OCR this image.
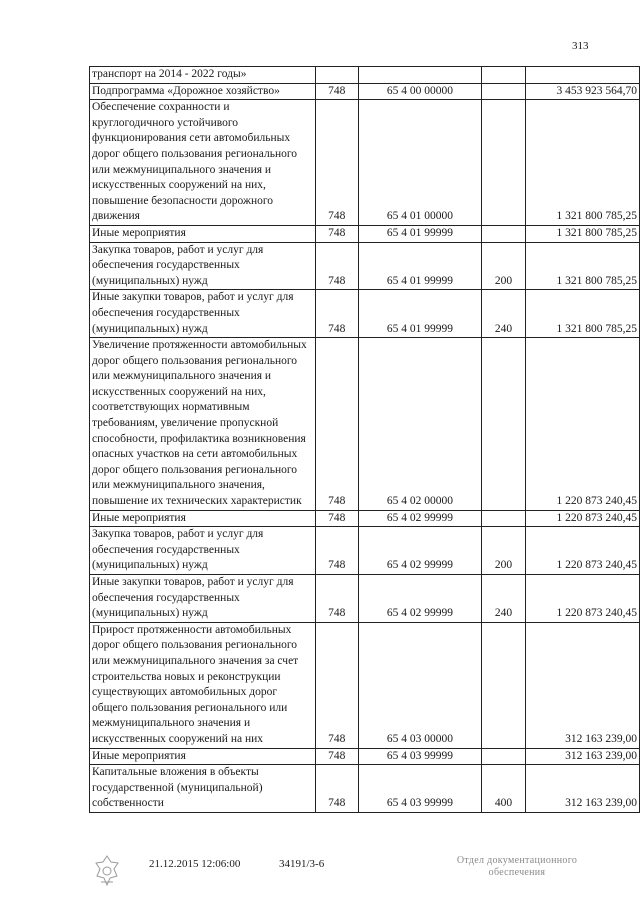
313
транспорт на 2014 - 2022 годы»				
Подпрограмма «Дорожное хозяйство»	748	65 4 00 00000		3 453 923 564,70
Обеспечение сохранности и круглогодичного устойчивого функционирования сети автомобильных дорог общего пользования регионального или межмуниципального значения и искусственных сооружений на них, повышение безопасности дорожного движения	748	65 4 01 00000		1 321 800 785,25
Иные мероприятия	748	65 4 01 99999		1 321 800 785,25
Закупка товаров, работ и услуг для обеспечения государственных (муниципальных) нужд	748	65 4 01 99999	200	1 321 800 785,25
Иные закупки товаров, работ и услуг для обеспечения государственных (муниципальных) нужд	748	65 4 01 99999	240	1 321 800 785,25
Увеличение протяженности автомобильных дорог общего пользования регионального или межмуниципального значения и искусственных сооружений на них, соответствующих нормативным требованиям, увеличение пропускной способности, профилактика возникновения опасных участков на сети автомобильных дорог общего пользования регионального или межмуниципального значения, повышение их технических характеристик	748	65 4 02 00000		1 220 873 240,45
Иные мероприятия	748	65 4 02 99999		1 220 873 240,45
Закупка товаров, работ и услуг для обеспечения государственных (муниципальных) нужд	748	65 4 02 99999	200	1 220 873 240,45
Иные закупки товаров, работ и услуг для обеспечения государственных (муниципальных) нужд	748	65 4 02 99999	240	1 220 873 240,45
Прирост протяженности автомобильных дорог общего пользования регионального или межмуниципального значения за счет строительства новых и реконструкции существующих автомобильных дорог общего пользования регионального или межмуниципального значения и искусственных сооружений на них	748	65 4 03 00000		312 163 239,00
Иные мероприятия	748	65 4 03 99999		312 163 239,00
Капитальные вложения в объекты государственной (муниципальной) собственности	748	65 4 03 99999	400	312 163 239,00
21.12.2015 12:06:00	34191/3-6	Отдел документационного
обеспечения
